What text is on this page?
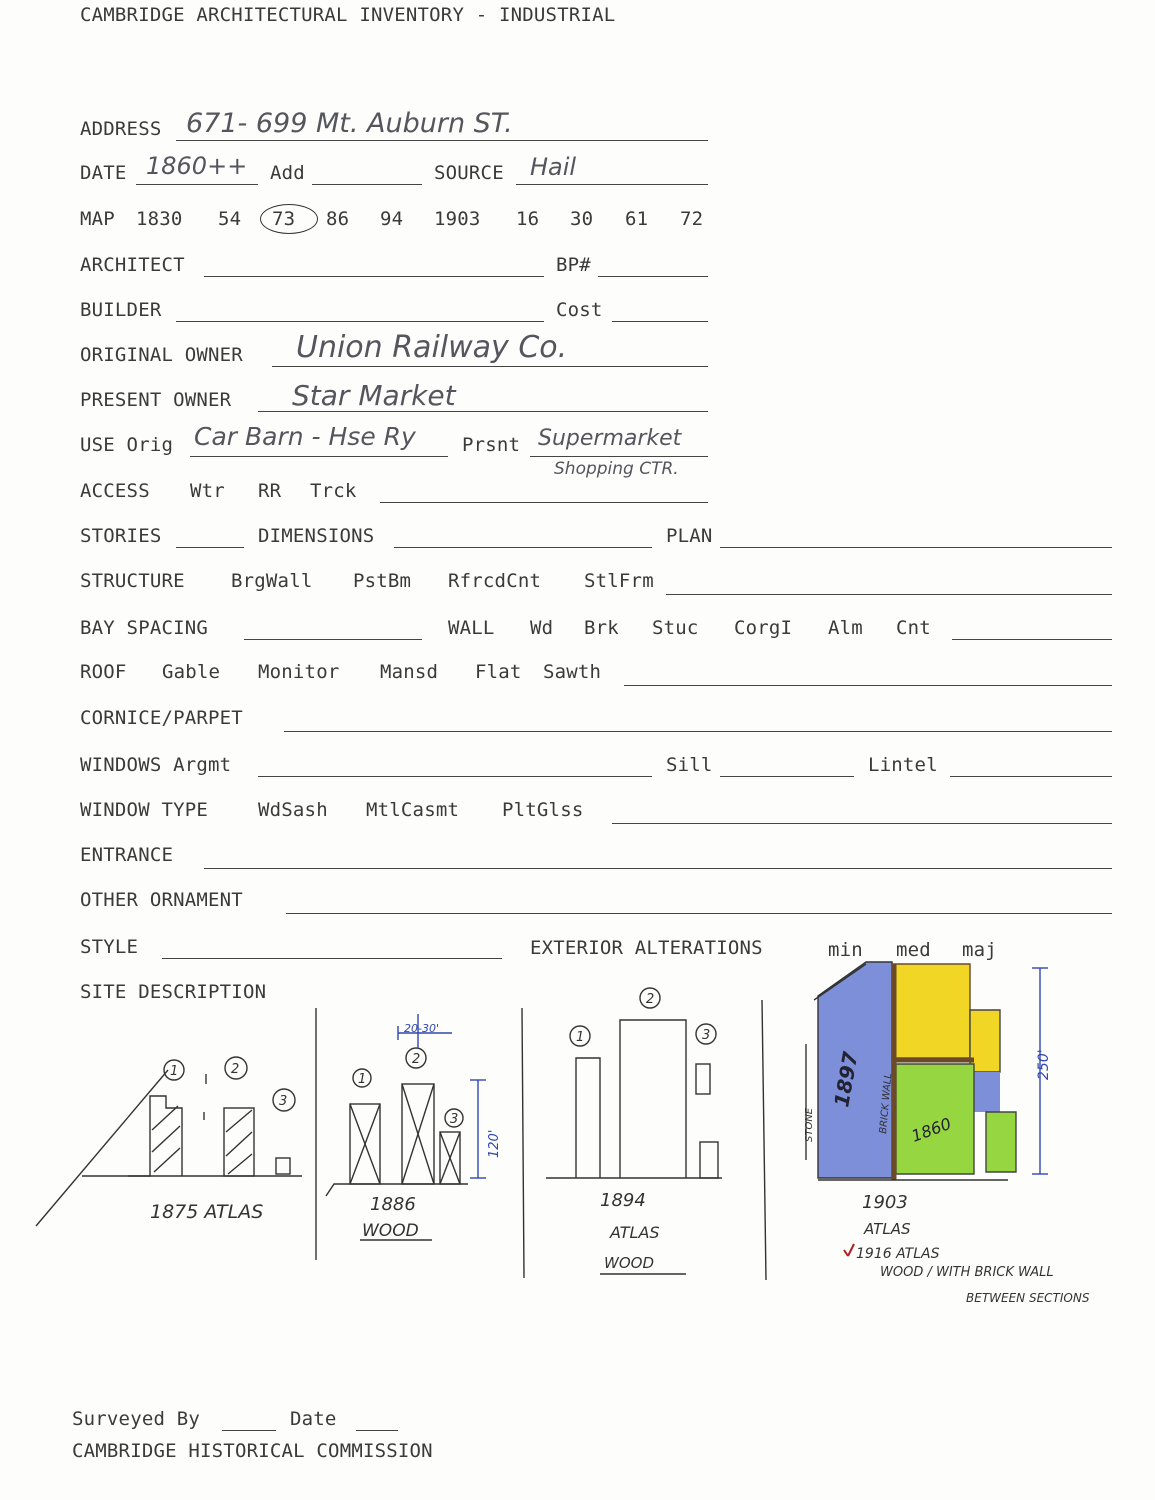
CAMBRIDGE ARCHITECTURAL INVENTORY - INDUSTRIAL
ADDRESS 671- 699 Mt. Auburn ST.
DATE 1860++ Add	SOURCE Hail
MAP 1830 54 73 86 94 1903 16 30 61 72
ARCHITECT	BP#
BUILDER	Cost
ORIGINAL OWNER Union Railway Co.
PRESENT OWNER Star Market
USE Orig Car Barn - Hse Ry Prsnt Supermarket
Shopping CTR.
ACCESS Wtr RR Trck
STORIES	DIMENSIONS	PLAN
STRUCTURE BrgWall PstBm RfrcdCnt StlFrm
BAY SPACING	WALL Wd Brk Stuc CorgI Alm Cnt
ROOF Gable Monitor Mansd Flat Sawth
CORNICE/PARPET
WINDOWS Argmt	Sill	Lintel
WINDOW TYPE	WdSash MtlCasmt PltGlss
ENTRANCE
OTHER ORNAMENT
STYLE	EXTERIOR ALTERATIONS	min med maj
SITE DESCRIPTION
1	2
3
1875 ATLAS
1
2
3
20-30'
120'
1886
WOOD
1
2
3
1894
ATLAS
WOOD
1897
1860
BRICK WALL
STONE
250'
1903
ATLAS
1916 ATLAS
WOOD / WITH BRICK WALL
BETWEEN SECTIONS
Surveyed By	Date
CAMBRIDGE HISTORICAL COMMISSION
